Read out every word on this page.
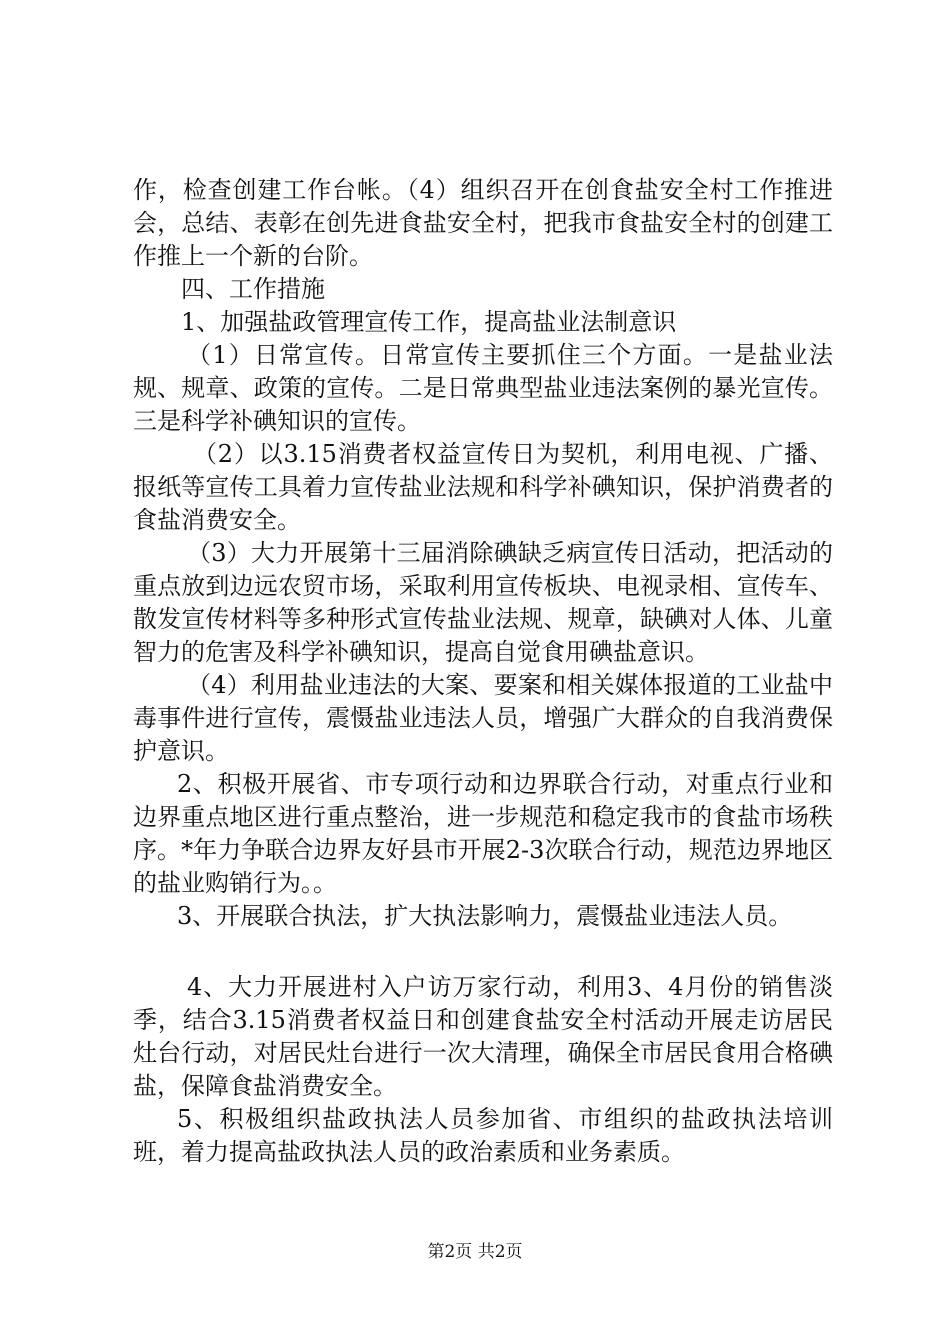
作，检查创建工作台帐。（4）组织召开在创食盐安全村工作推进会，总结、表彰在创先进食盐安全村，把我市食盐安全村的创建工作推上一个新的台阶。

四、工作措施

1、加强盐政管理宣传工作，提高盐业法制意识

（1）日常宣传。日常宣传主要抓住三个方面。一是盐业法规、规章、政策的宣传。二是日常典型盐业违法案例的暴光宣传。三是科学补碘知识的宣传。

（2）以3.15消费者权益宣传日为契机，利用电视、广播、报纸等宣传工具着力宣传盐业法规和科学补碘知识，保护消费者的食盐消费安全。

（3）大力开展第十三届消除碘缺乏病宣传日活动，把活动的重点放到边远农贸市场，采取利用宣传板块、电视录相、宣传车、散发宣传材料等多种形式宣传盐业法规、规章，缺碘对人体、儿童智力的危害及科学补碘知识，提高自觉食用碘盐意识。

（4）利用盐业违法的大案、要案和相关媒体报道的工业盐中毒事件进行宣传，震慑盐业违法人员，增强广大群众的自我消费保护意识。

2、积极开展省、市专项行动和边界联合行动，对重点行业和边界重点地区进行重点整治，进一步规范和稳定我市的食盐市场秩序。*年力争联合边界友好县市开展2-3次联合行动，规范边界地区的盐业购销行为。。

3、开展联合执法，扩大执法影响力，震慑盐业违法人员。

4、大力开展进村入户访万家行动，利用3、4月份的销售淡季，结合3.15消费者权益日和创建食盐安全村活动开展走访居民灶台行动，对居民灶台进行一次大清理，确保全市居民食用合格碘盐，保障食盐消费安全。

5、积极组织盐政执法人员参加省、市组织的盐政执法培训班，着力提高盐政执法人员的政治素质和业务素质。

第2页 共2页
